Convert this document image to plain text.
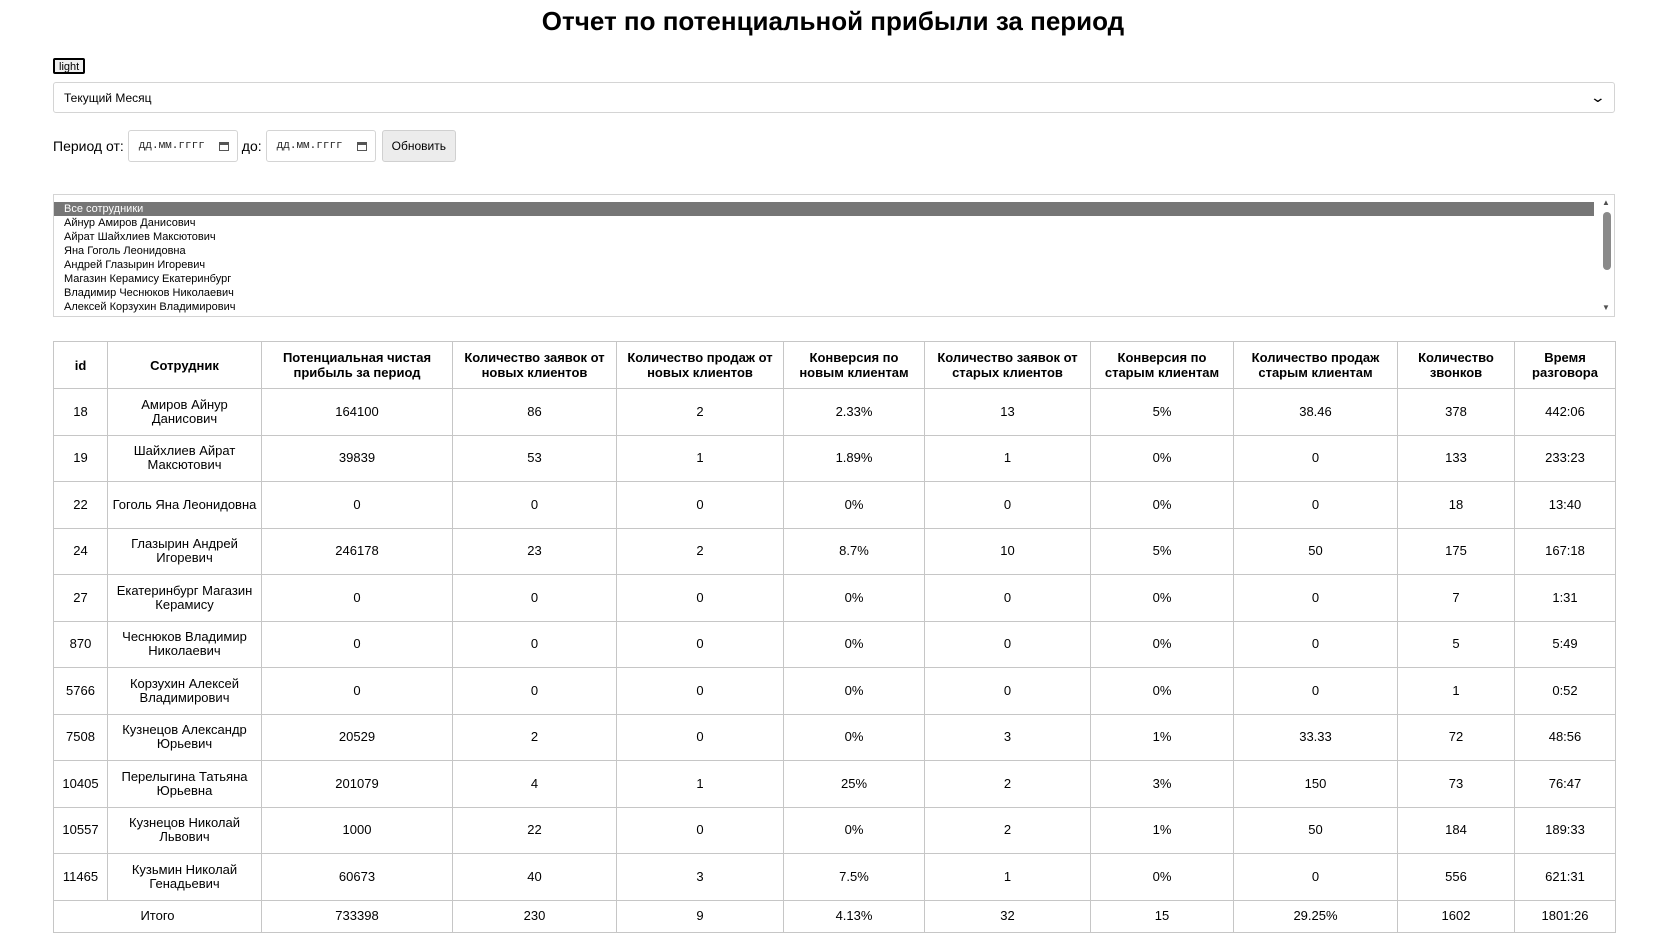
Отчет по потенциальной прибыли за период
light
Текущий Месяц	⌄
Период от: дд.мм.гггг	до: дд.мм.гггг	Обновить
Все сотрудники
Айнур Амиров Данисович
Айрат Шайхлиев Максютович
Яна Гоголь Леонидовна
Андрей Глазырин Игоревич
Магазин Керамису Екатеринбург
Владимир Чеснюков Николаевич
Алексей Корзухин Владимирович
▲
▼
id	Сотрудник	Потенциальная чистая прибыль за период	Количество заявок от новых клиентов	Количество продаж от новых клиентов	Конверсия по новым клиентам	Количество заявок от старых клиентов	Конверсия по старым клиентам	Количество продаж старым клиентам	Количество звонков	Время разговора
18	Амиров Айнур Данисович	164100	86	2	2.33%	13	5%	38.46	378	442:06
19	Шайхлиев Айрат Максютович	39839	53	1	1.89%	1	0%	0	133	233:23
22	Гоголь Яна Леонидовна	0	0	0	0%	0	0%	0	18	13:40
24	Глазырин Андрей Игоревич	246178	23	2	8.7%	10	5%	50	175	167:18
27	Екатеринбург Магазин Керамису	0	0	0	0%	0	0%	0	7	1:31
870	Чеснюков Владимир Николаевич	0	0	0	0%	0	0%	0	5	5:49
5766	Корзухин Алексей Владимирович	0	0	0	0%	0	0%	0	1	0:52
7508	Кузнецов Александр Юрьевич	20529	2	0	0%	3	1%	33.33	72	48:56
10405	Перелыгина Татьяна Юрьевна	201079	4	1	25%	2	3%	150	73	76:47
10557	Кузнецов Николай Львович	1000	22	0	0%	2	1%	50	184	189:33
11465	Кузьмин Николай Генадьевич	60673	40	3	7.5%	1	0%	0	556	621:31
Итого		733398	230	9	4.13%	32	15	29.25%	1602	1801:26
